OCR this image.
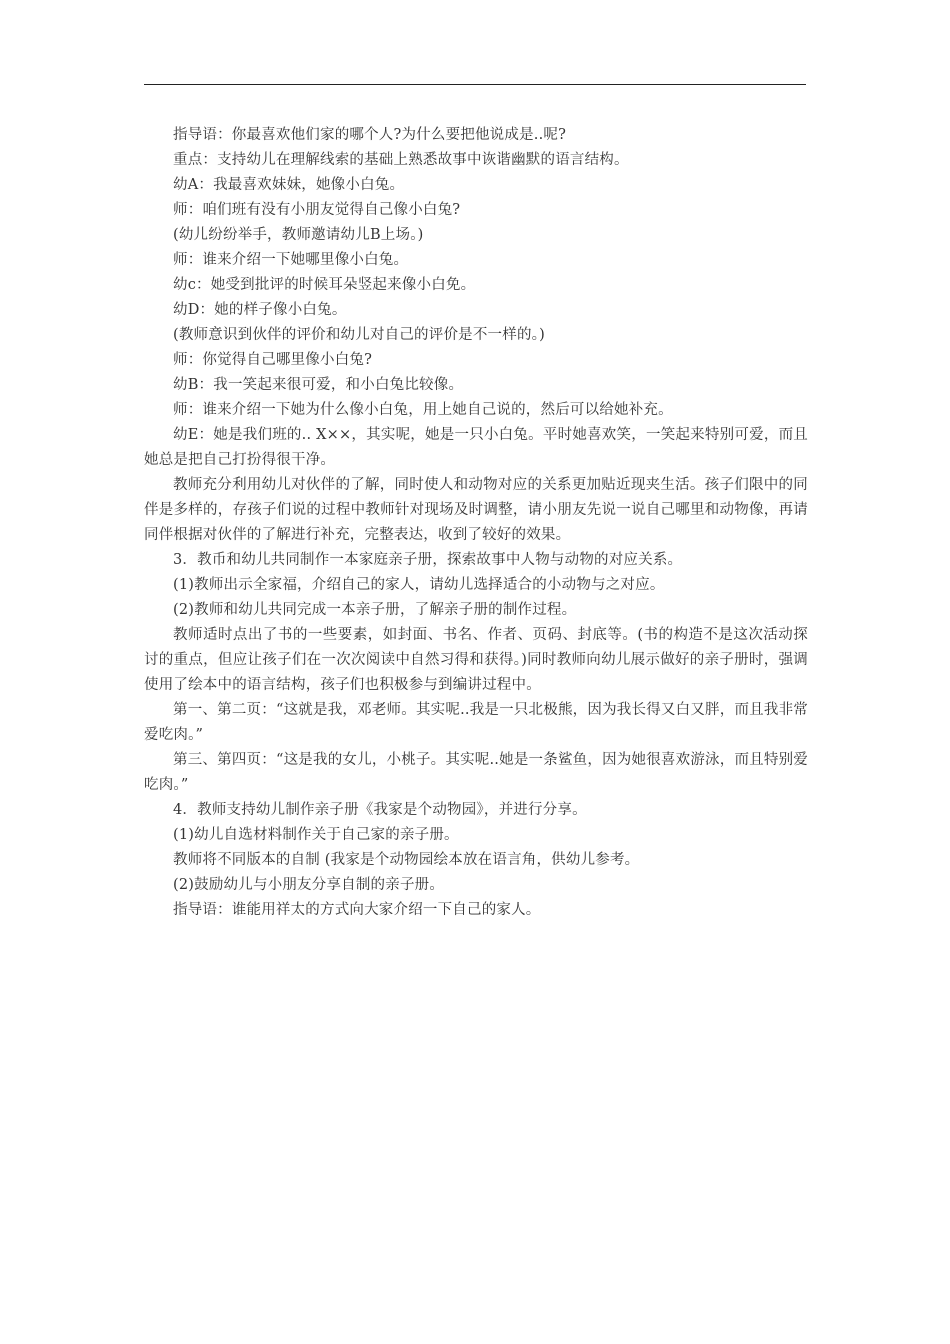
指导语：你最喜欢他们家的哪个人?为什么要把他说成是..呢?

重点：支持幼儿在理解线索的基础上熟悉故事中诙谐幽默的语言结构。

幼A：我最喜欢妹妹，她像小白兔。

师：咱们班有没有小朋友觉得自己像小白兔?

(幼儿纷纷举手，教师邀请幼儿B上场。)

师：谁来介绍一下她哪里像小白兔。

幼c：她受到批评的时候耳朵竖起来像小白免。

幼D：她的样子像小白兔。

(教师意识到伙伴的评价和幼儿对自己的评价是不一样的。)

师：你觉得自己哪里像小白兔?

幼B：我一笑起来很可爱，和小白兔比较像。

师：谁来介绍一下她为什么像小白兔，用上她自己说的，然后可以给她补充。

幼E：她是我们班的.. X××，其实呢，她是一只小白兔。平时她喜欢笑，一笑起来特别可爱，而且她总是把自己打扮得很干净。

教师充分利用幼儿对伙伴的了解，同时使人和动物对应的关系更加贴近现夹生活。孩子们限中的同伴是多样的，存孩子们说的过程中教师针对现场及时调整，请小朋友先说一说自己哪里和动物像，再请同伴根据对伙伴的了解进行补充，完整表达，收到了较好的效果。

3．教币和幼儿共同制作一本家庭亲子册，探索故事中人物与动物的对应关系。

(1)教师出示全家福，介绍自己的家人，请幼儿选择适合的小动物与之对应。

(2)教师和幼儿共同完成一本亲子册，了解亲子册的制作过程。

教师适时点出了书的一些要素，如封面、书名、作者、页码、封底等。(书的构造不是这次活动探讨的重点，但应让孩子们在一次次阅读中自然习得和获得。)同时教师向幼儿展示做好的亲子册时，强调使用了绘本中的语言结构，孩子们也积极参与到编讲过程中。

第一、第二页：“这就是我，邓老师。其实呢..我是一只北极熊，因为我长得又白又胖，而且我非常爱吃肉。”

第三、第四页：“这是我的女儿，小桃子。其实呢..她是一条鲨鱼，因为她很喜欢游泳，而且特别爱吃肉。”

4．教师支持幼儿制作亲子册《我家是个动物园》，并进行分享。

(1)幼儿自选材料制作关于自己家的亲子册。

教师将不同版本的自制 (我家是个动物园绘本放在语言角，供幼儿参考。

(2)鼓励幼儿与小朋友分享自制的亲子册。

指导语：谁能用祥太的方式向大家介绍一下自己的家人。
